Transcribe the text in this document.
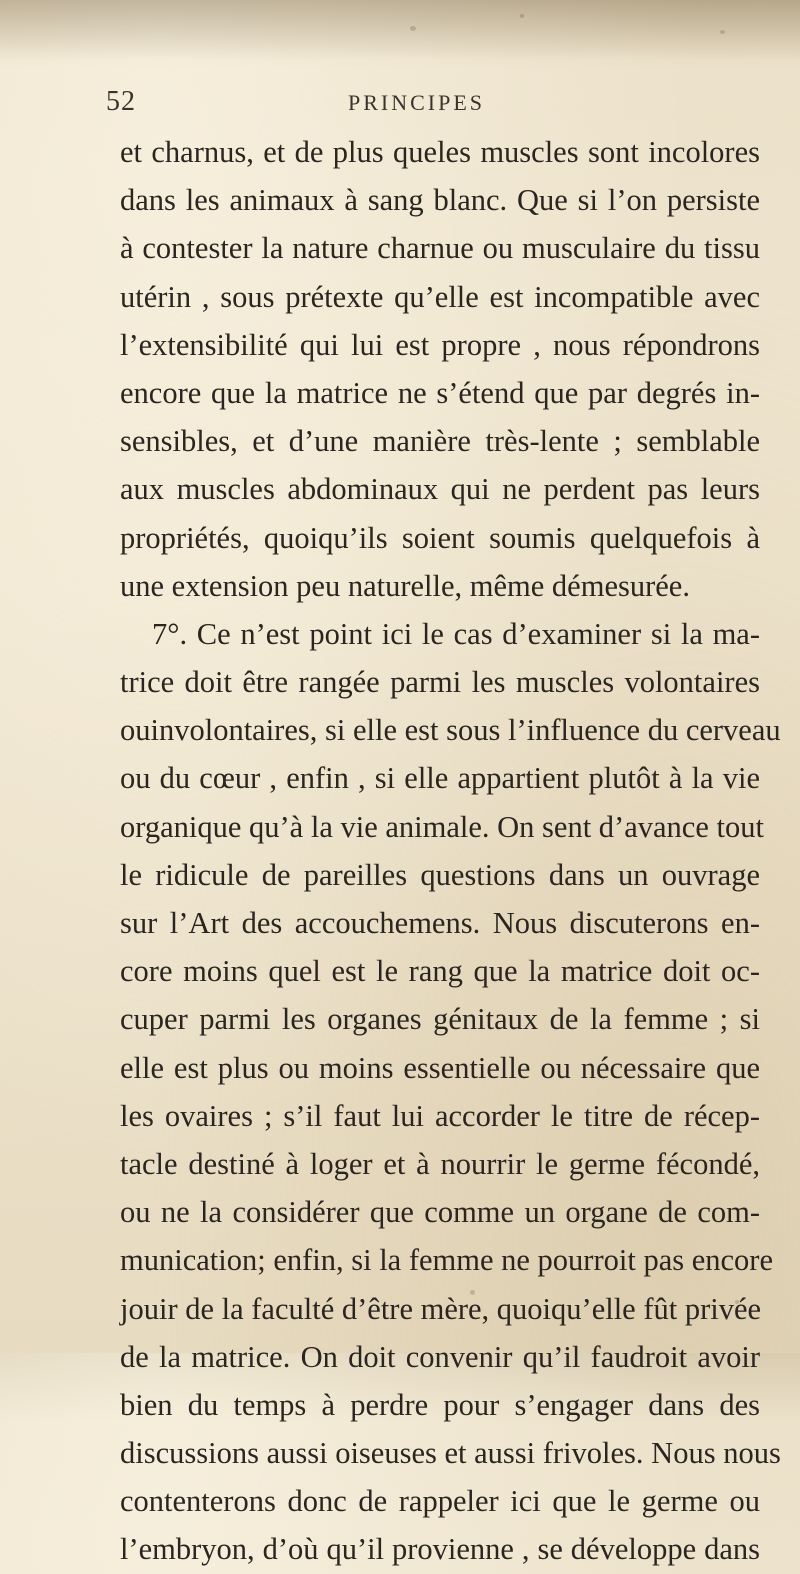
52	PRINCIPES
et charnus, et de plus queles muscles sont incolores
dans les animaux à sang blanc. Que si l’on persiste
à contester la nature charnue ou musculaire du tissu
utérin , sous prétexte qu’elle est incompatible avec
l’extensibilité qui lui est propre , nous répondrons
encore que la matrice ne s’étend que par degrés in-
sensibles, et d’une manière très-lente ; semblable
aux muscles abdominaux qui ne perdent pas leurs
propriétés, quoiqu’ils soient soumis quelquefois à
une extension peu naturelle, même démesurée.
7°. Ce n’est point ici le cas d’examiner si la ma-
trice doit être rangée parmi les muscles volontaires
ouinvolontaires, si elle est sous l’influence du cerveau
ou du cœur , enfin , si elle appartient plutôt à la vie
organique qu’à la vie animale. On sent d’avance tout
le ridicule de pareilles questions dans un ouvrage
sur l’Art des accouchemens. Nous discuterons en-
core moins quel est le rang que la matrice doit oc-
cuper parmi les organes génitaux de la femme ; si
elle est plus ou moins essentielle ou nécessaire que
les ovaires ; s’il faut lui accorder le titre de récep-
tacle destiné à loger et à nourrir le germe fécondé,
ou ne la considérer que comme un organe de com-
munication; enfin, si la femme ne pourroit pas encore
jouir de la faculté d’être mère, quoiqu’elle fût privée
de la matrice. On doit convenir qu’il faudroit avoir
bien du temps à perdre pour s’engager dans des
discussions aussi oiseuses et aussi frivoles. Nous nous
contenterons donc de rappeler ici que le germe ou
l’embryon, d’où qu’il provienne , se développe dans
